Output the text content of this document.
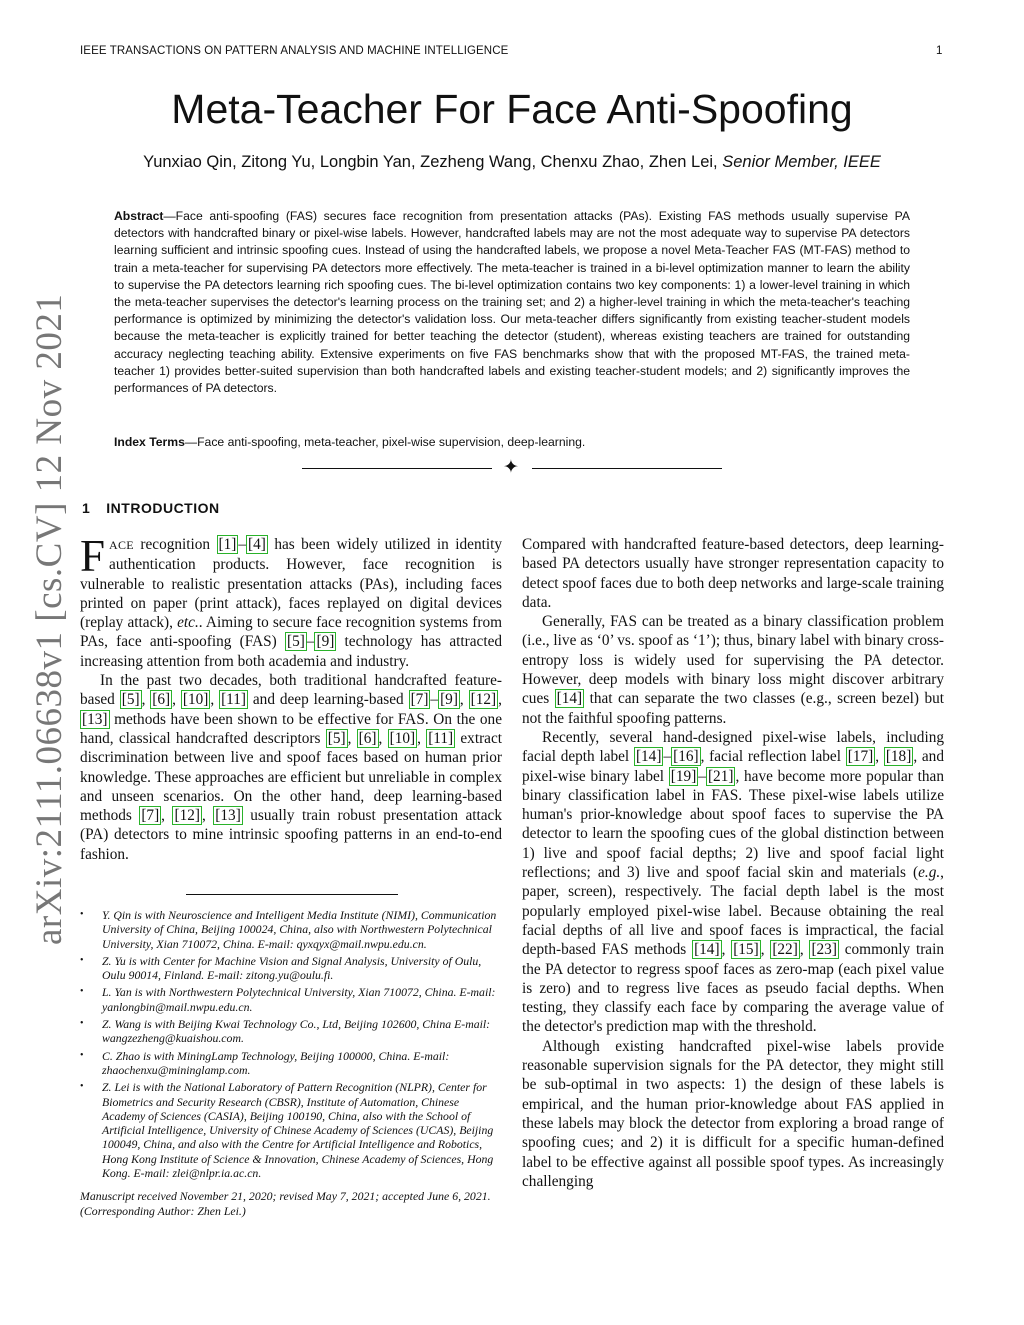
IEEE TRANSACTIONS ON PATTERN ANALYSIS AND MACHINE INTELLIGENCE	1
arXiv:2111.06638v1 [cs.CV] 12 Nov 2021
Meta-Teacher For Face Anti-Spoofing
Yunxiao Qin, Zitong Yu, Longbin Yan, Zezheng Wang, Chenxu Zhao, Zhen Lei, Senior Member, IEEE
Abstract—Face anti-spoofing (FAS) secures face recognition from presentation attacks (PAs). Existing FAS methods usually supervise PA detectors with handcrafted binary or pixel-wise labels. However, handcrafted labels may are not the most adequate way to supervise PA detectors learning sufficient and intrinsic spoofing cues. Instead of using the handcrafted labels, we propose a novel Meta-Teacher FAS (MT-FAS) method to train a meta-teacher for supervising PA detectors more effectively. The meta-teacher is trained in a bi-level optimization manner to learn the ability to supervise the PA detectors learning rich spoofing cues. The bi-level optimization contains two key components: 1) a lower-level training in which the meta-teacher supervises the detector's learning process on the training set; and 2) a higher-level training in which the meta-teacher's teaching performance is optimized by minimizing the detector's validation loss. Our meta-teacher differs significantly from existing teacher-student models because the meta-teacher is explicitly trained for better teaching the detector (student), whereas existing teachers are trained for outstanding accuracy neglecting teaching ability. Extensive experiments on five FAS benchmarks show that with the proposed MT-FAS, the trained meta-teacher 1) provides better-suited supervision than both handcrafted labels and existing teacher-student models; and 2) significantly improves the performances of PA detectors.
Index Terms—Face anti-spoofing, meta-teacher, pixel-wise supervision, deep-learning.
✦
1 INTRODUCTION

FACE recognition [1] – [4] has been widely utilized in identity authentication products. However, face recognition is vulnerable to realistic presentation attacks (PAs), including faces printed on paper (print attack), faces replayed on digital devices (replay attack), etc.. Aiming to secure face recognition systems from PAs, face anti-spoofing (FAS) [5] – [9] technology has attracted increasing attention from both academia and industry.

In the past two decades, both traditional handcrafted feature-based [5] , [6] , [10] , [11] and deep learning-based [7] – [9] , [12] , [13] methods have been shown to be effective for FAS. On the one hand, classical handcrafted descriptors [5] , [6] , [10] , [11] extract discrimination between live and spoof faces based on human prior knowledge. These approaches are efficient but unreliable in complex and unseen scenarios. On the other hand, deep learning-based methods [7] , [12] , [13] usually train robust presentation attack (PA) detectors to mine intrinsic spoofing patterns in an end-to-end fashion.

•	Y. Qin is with Neuroscience and Intelligent Media Institute (NIMI), Communication University of China, Beijing 100024, China, also with Northwestern Polytechnical University, Xian 710072, China. E-mail: qyxqyx@mail.nwpu.edu.cn.
•	Z. Yu is with Center for Machine Vision and Signal Analysis, University of Oulu, Oulu 90014, Finland. E-mail: zitong.yu@oulu.fi.
•	L. Yan is with Northwestern Polytechnical University, Xian 710072, China. E-mail: yanlongbin@mail.nwpu.edu.cn.
•	Z. Wang is with Beijing Kwai Technology Co., Ltd, Beijing 102600, China E-mail: wangzezheng@kuaishou.com.
•	C. Zhao is with MiningLamp Technology, Beijing 100000, China. E-mail: zhaochenxu@mininglamp.com.
•	Z. Lei is with the National Laboratory of Pattern Recognition (NLPR), Center for Biometrics and Security Research (CBSR), Institute of Automation, Chinese Academy of Sciences (CASIA), Beijing 100190, China, also with the School of Artificial Intelligence, University of Chinese Academy of Sciences (UCAS), Beijing 100049, China, and also with the Centre for Artificial Intelligence and Robotics, Hong Kong Institute of Science & Innovation, Chinese Academy of Sciences, Hong Kong. E-mail: zlei@nlpr.ia.ac.cn.
Manuscript received November 21, 2020; revised May 7, 2021; accepted June 6, 2021. (Corresponding Author: Zhen Lei.)

Compared with handcrafted feature-based detectors, deep learning-based PA detectors usually have stronger representation capacity to detect spoof faces due to both deep networks and large-scale training data.

Generally, FAS can be treated as a binary classification problem (i.e., live as ‘0’ vs. spoof as ‘1’); thus, binary label with binary cross-entropy loss is widely used for supervising the PA detector. However, deep models with binary loss might discover arbitrary cues [14] that can separate the two classes (e.g., screen bezel) but not the faithful spoofing patterns.

Recently, several hand-designed pixel-wise labels, including facial depth label [14] – [16] , facial reflection label [17] , [18] , and pixel-wise binary label [19] – [21] , have become more popular than binary classification label in FAS. These pixel-wise labels utilize human's prior-knowledge about spoof faces to supervise the PA detector to learn the spoofing cues of the global distinction between 1) live and spoof facial depths; 2) live and spoof facial light reflections; and 3) live and spoof facial skin and materials (e.g., paper, screen), respectively. The facial depth label is the most popularly employed pixel-wise label. Because obtaining the real facial depths of all live and spoof faces is impractical, the facial depth-based FAS methods [14] , [15] , [22] , [23] commonly train the PA detector to regress spoof faces as zero-map (each pixel value is zero) and to regress live faces as pseudo facial depths. When testing, they classify each face by comparing the average value of the detector's prediction map with the threshold.

Although existing handcrafted pixel-wise labels provide reasonable supervision signals for the PA detector, they might still be sub-optimal in two aspects: 1) the design of these labels is empirical, and the human prior-knowledge about FAS applied in these labels may block the detector from exploring a broad range of spoofing cues; and 2) it is difficult for a specific human-defined label to be effective against all possible spoof types. As increasingly challenging
